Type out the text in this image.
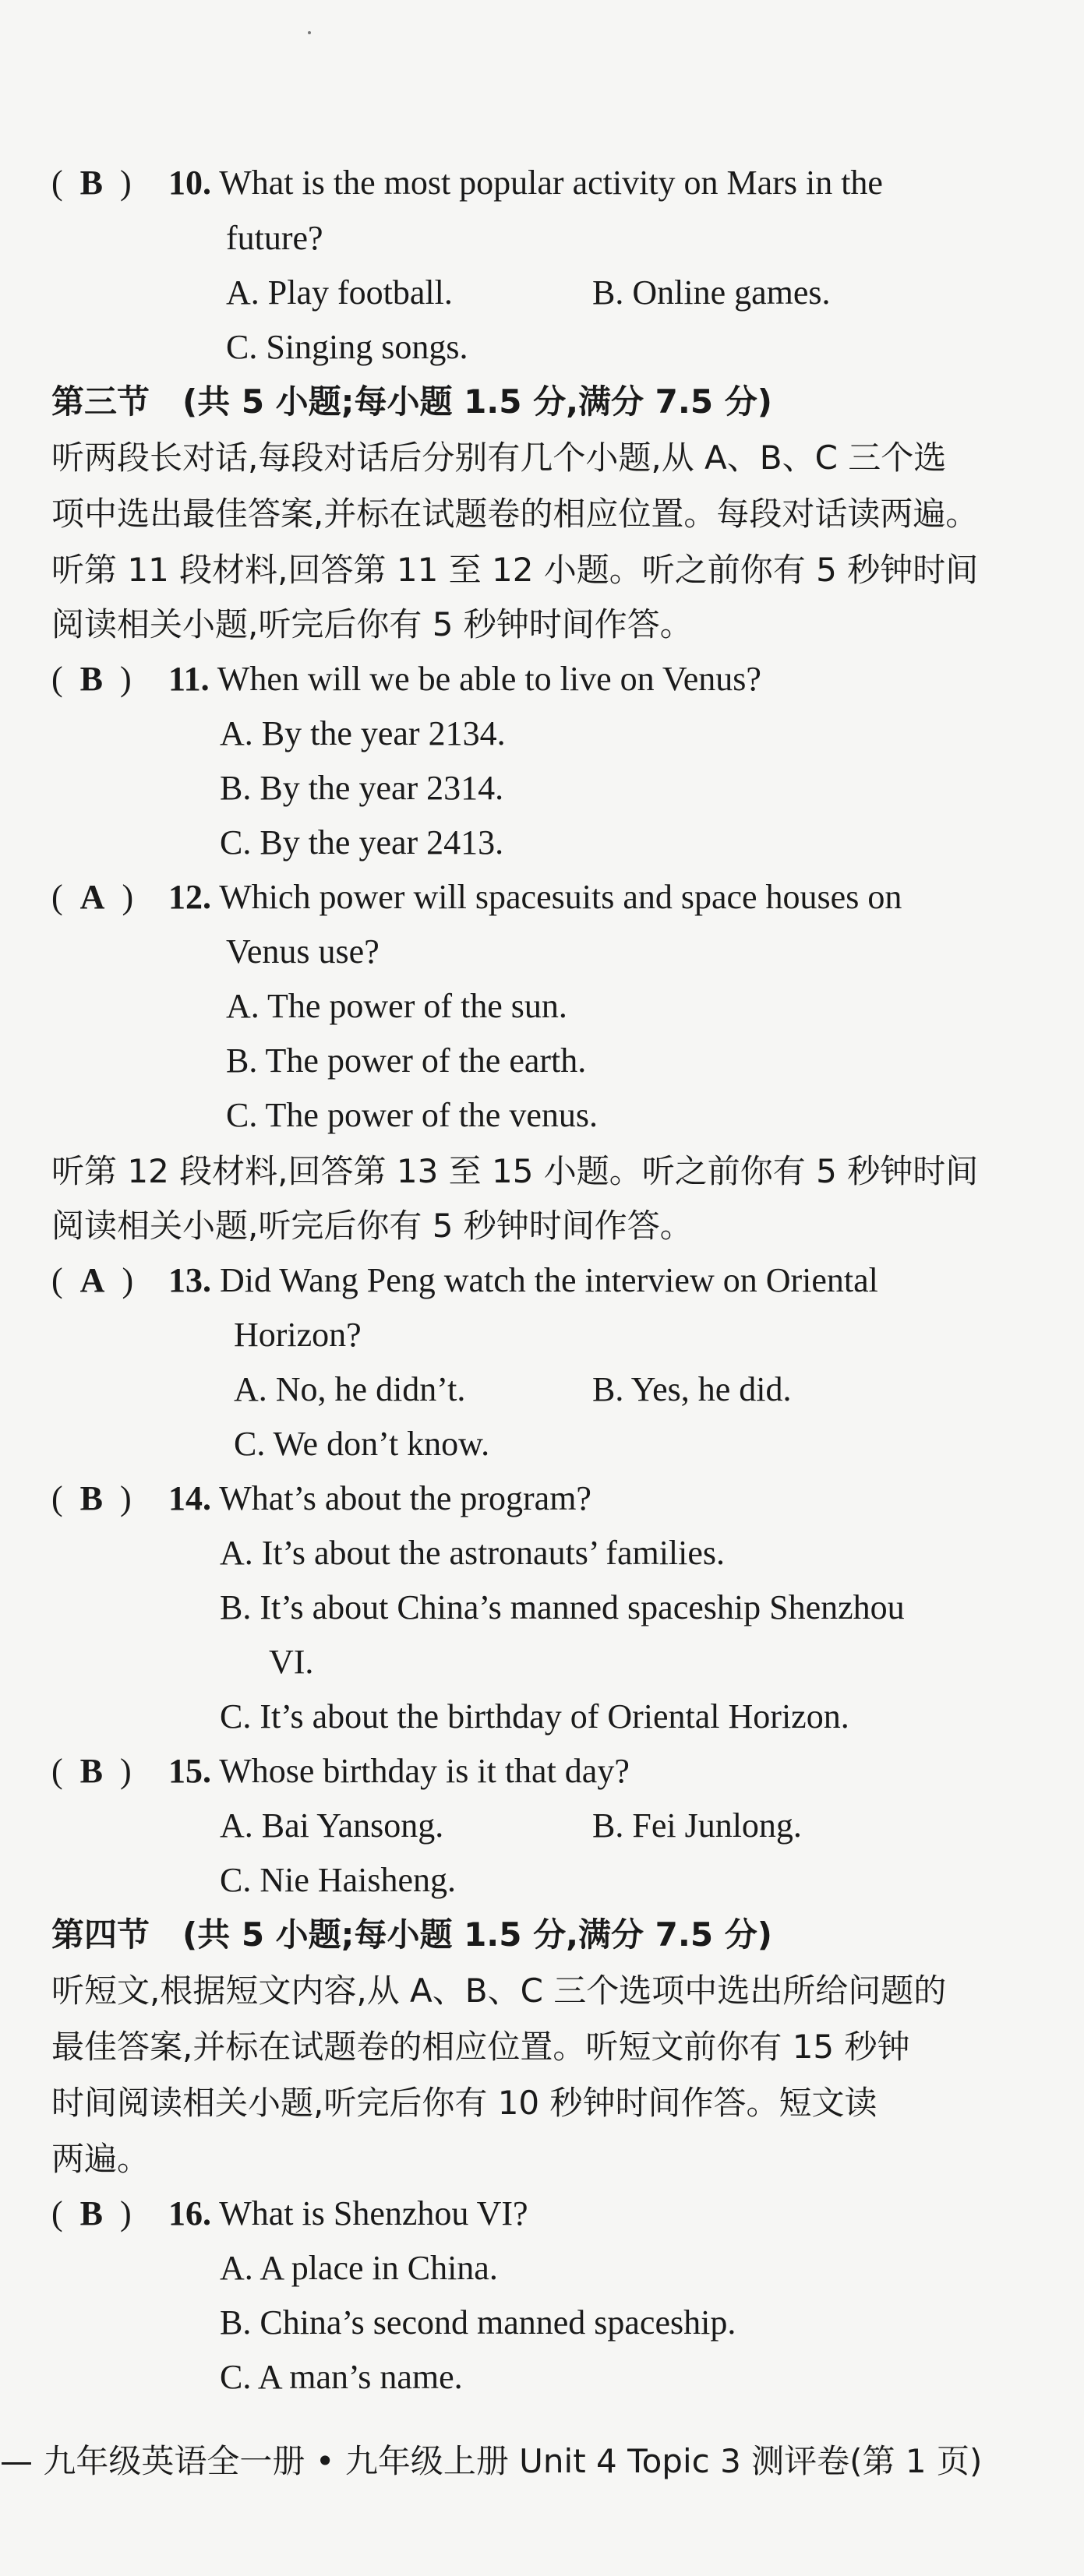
(  B  ) 10. What is the most popular activity on Mars in the
future?
A. Play football.	B. Online games.
C. Singing songs.
第三节　(共 5 小题;每小题 1.5 分,满分 7.5 分)
听两段长对话,每段对话后分别有几个小题,从 A、B、C 三个选
项中选出最佳答案,并标在试题卷的相应位置。每段对话读两遍。
听第 11 段材料,回答第 11 至 12 小题。听之前你有 5 秒钟时间
阅读相关小题,听完后你有 5 秒钟时间作答。
(  B  ) 11. When will we be able to live on Venus?
A. By the year 2134.
B. By the year 2314.
C. By the year 2413.
(  A  ) 12. Which power will spacesuits and space houses on
Venus use?
A. The power of the sun.
B. The power of the earth.
C. The power of the venus.
听第 12 段材料,回答第 13 至 15 小题。听之前你有 5 秒钟时间
阅读相关小题,听完后你有 5 秒钟时间作答。
(  A  ) 13. Did Wang Peng watch the interview on Oriental
Horizon?
A. No, he didn’t.	B. Yes, he did.
C. We don’t know.
(  B  ) 14. What’s about the program?
A. It’s about the astronauts’ families.
B. It’s about China’s manned spaceship Shenzhou
VI.
C. It’s about the birthday of Oriental Horizon.
(  B  ) 15. Whose birthday is it that day?
A. Bai Yansong.	B. Fei Junlong.
C. Nie Haisheng.
第四节　(共 5 小题;每小题 1.5 分,满分 7.5 分)
听短文,根据短文内容,从 A、B、C 三个选项中选出所给问题的
最佳答案,并标在试题卷的相应位置。听短文前你有 15 秒钟
时间阅读相关小题,听完后你有 10 秒钟时间作答。短文读
两遍。
(  B  ) 16. What is Shenzhou VI?
A. A place in China.
B. China’s second manned spaceship.
C. A man’s name.
— 九年级英语全一册 • 九年级上册 Unit 4 Topic 3 测评卷(第 1 页)
